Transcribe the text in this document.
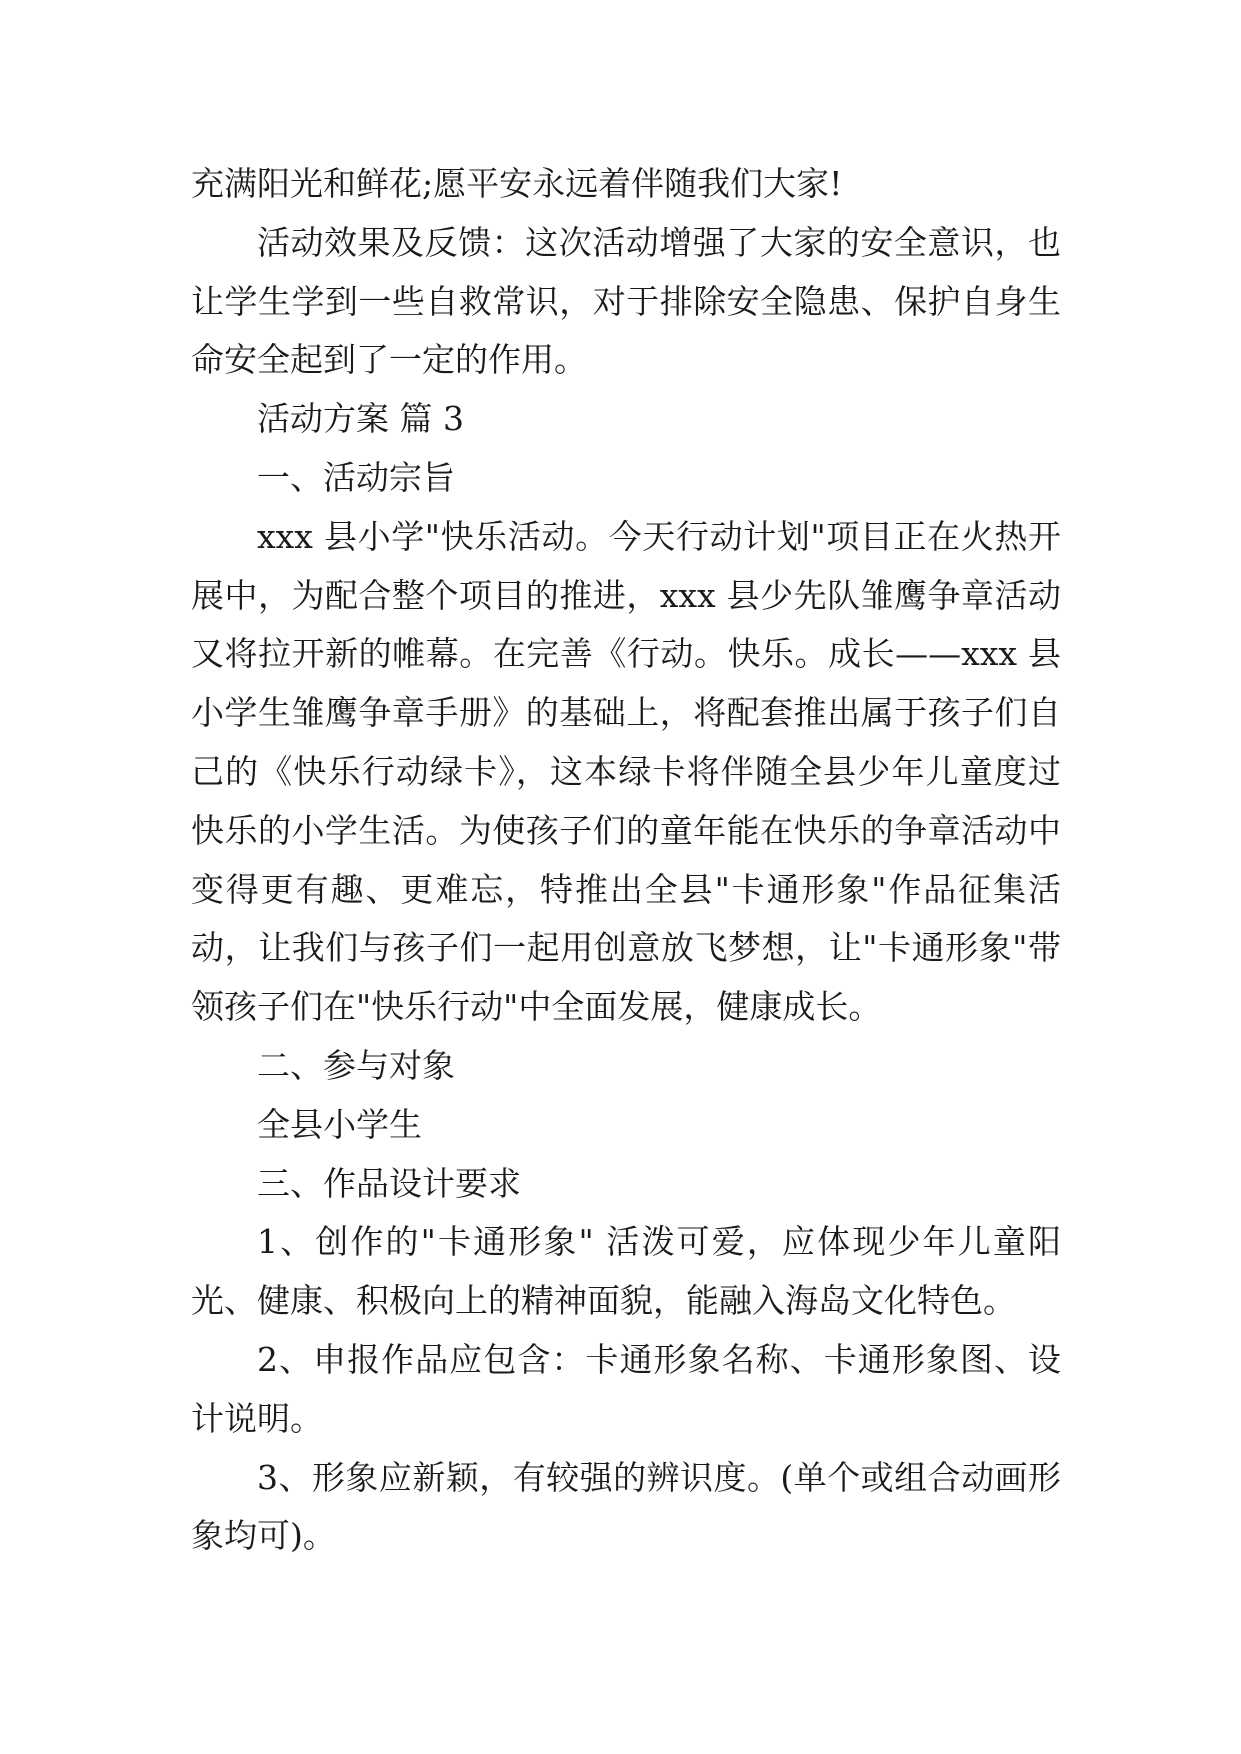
充满阳光和鲜花;愿平安永远着伴随我们大家!

活动效果及反馈：这次活动增强了大家的安全意识，也让学生学到一些自救常识，对于排除安全隐患、保护自身生命安全起到了一定的作用。

活动方案 篇 3

一、活动宗旨

xxx 县小学"快乐活动。今天行动计划"项目正在火热开展中，为配合整个项目的推进，xxx 县少先队雏鹰争章活动又将拉开新的帷幕。在完善《行动。快乐。成长——xxx 县小学生雏鹰争章手册》的基础上，将配套推出属于孩子们自己的《快乐行动绿卡》，这本绿卡将伴随全县少年儿童度过快乐的小学生活。为使孩子们的童年能在快乐的争章活动中变得更有趣、更难忘，特推出全县"卡通形象"作品征集活动，让我们与孩子们一起用创意放飞梦想，让"卡通形象"带领孩子们在"快乐行动"中全面发展，健康成长。

二、参与对象

全县小学生

三、作品设计要求

1、创作的"卡通形象" 活泼可爱，应体现少年儿童阳光、健康、积极向上的精神面貌，能融入海岛文化特色。

2、申报作品应包含：卡通形象名称、卡通形象图、设计说明。

3、形象应新颖，有较强的辨识度。(单个或组合动画形象均可)。
